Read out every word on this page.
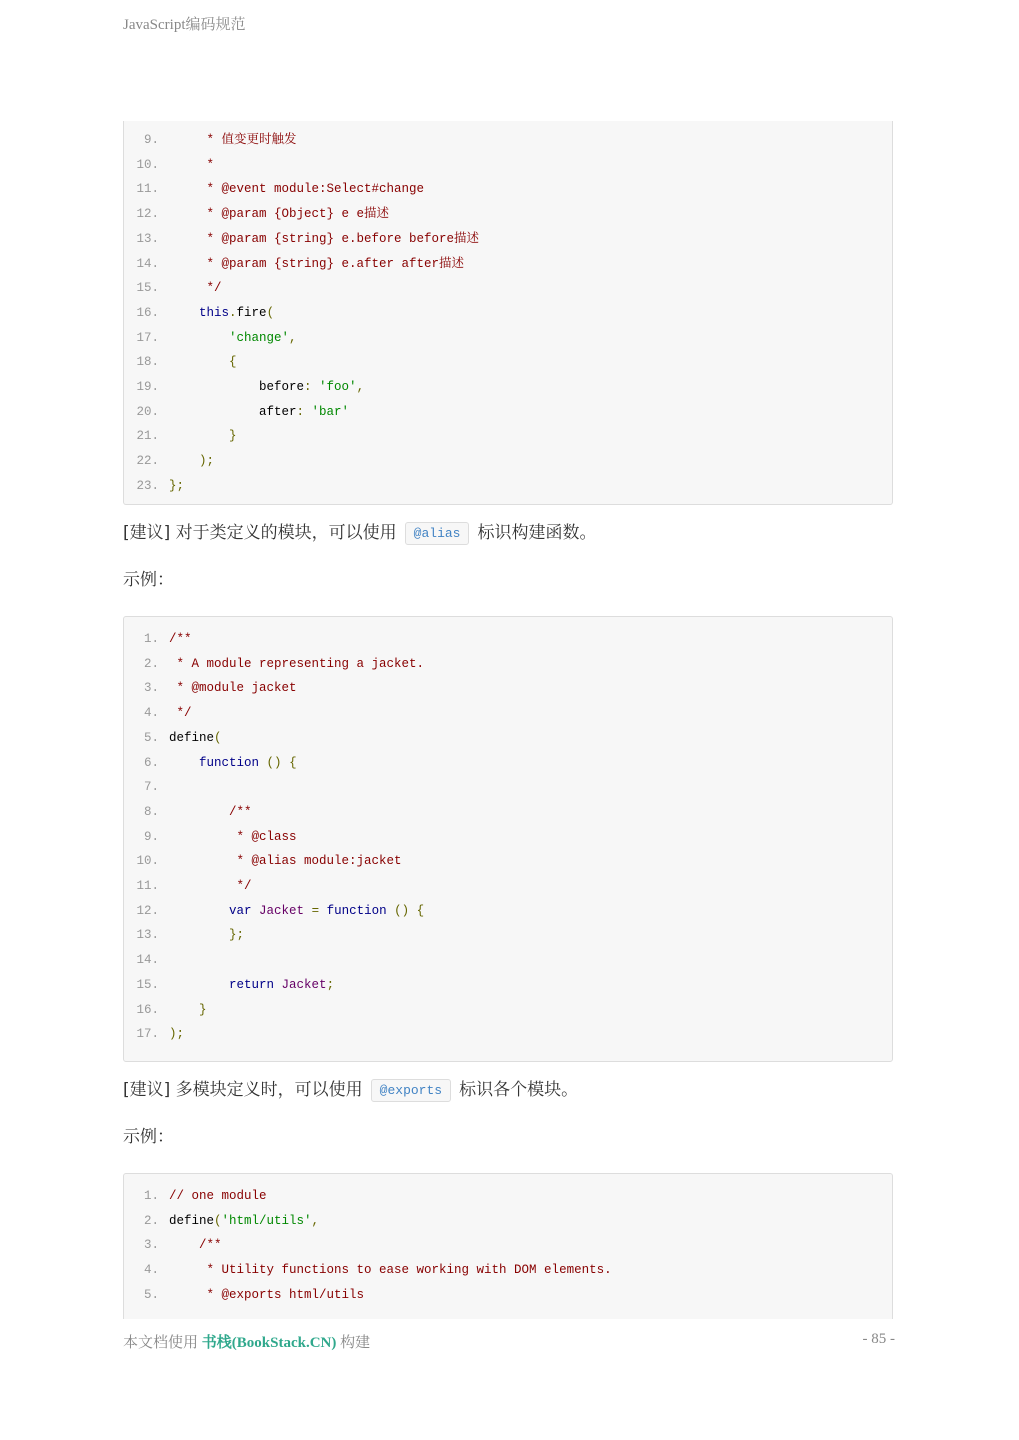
JavaScript编码规范
9. * 值变更时触发
10. *
11. * @event module:Select#change
12. * @param {Object} e e描述
13. * @param {string} e.before before描述
14. * @param {string} e.after after描述
15. */
16.	this.fire(
17.	'change',
18.	{
19. before: 'foo',
20. after: 'bar'
21.	}
22.	);
23. };
[建议] 对于类定义的模块，可以使用 @alias 标识构建函数。
示例：
1. /**
2. * A module representing a jacket.
3. * @module jacket
4. */
5. define(
6.	function () {
7.
8. /**
9. * @class
10. * @alias module:jacket
11. */
12.	var Jacket = function () {
13.	};
14.
15.	return Jacket;
16.	}
17. );
[建议] 多模块定义时，可以使用 @exports 标识各个模块。
示例：
1. // one module
2. define('html/utils',
3. /**
4. * Utility functions to ease working with DOM elements.
5. * @exports html/utils
本文档使用 书栈(BookStack.CN) 构建	- 85 -
